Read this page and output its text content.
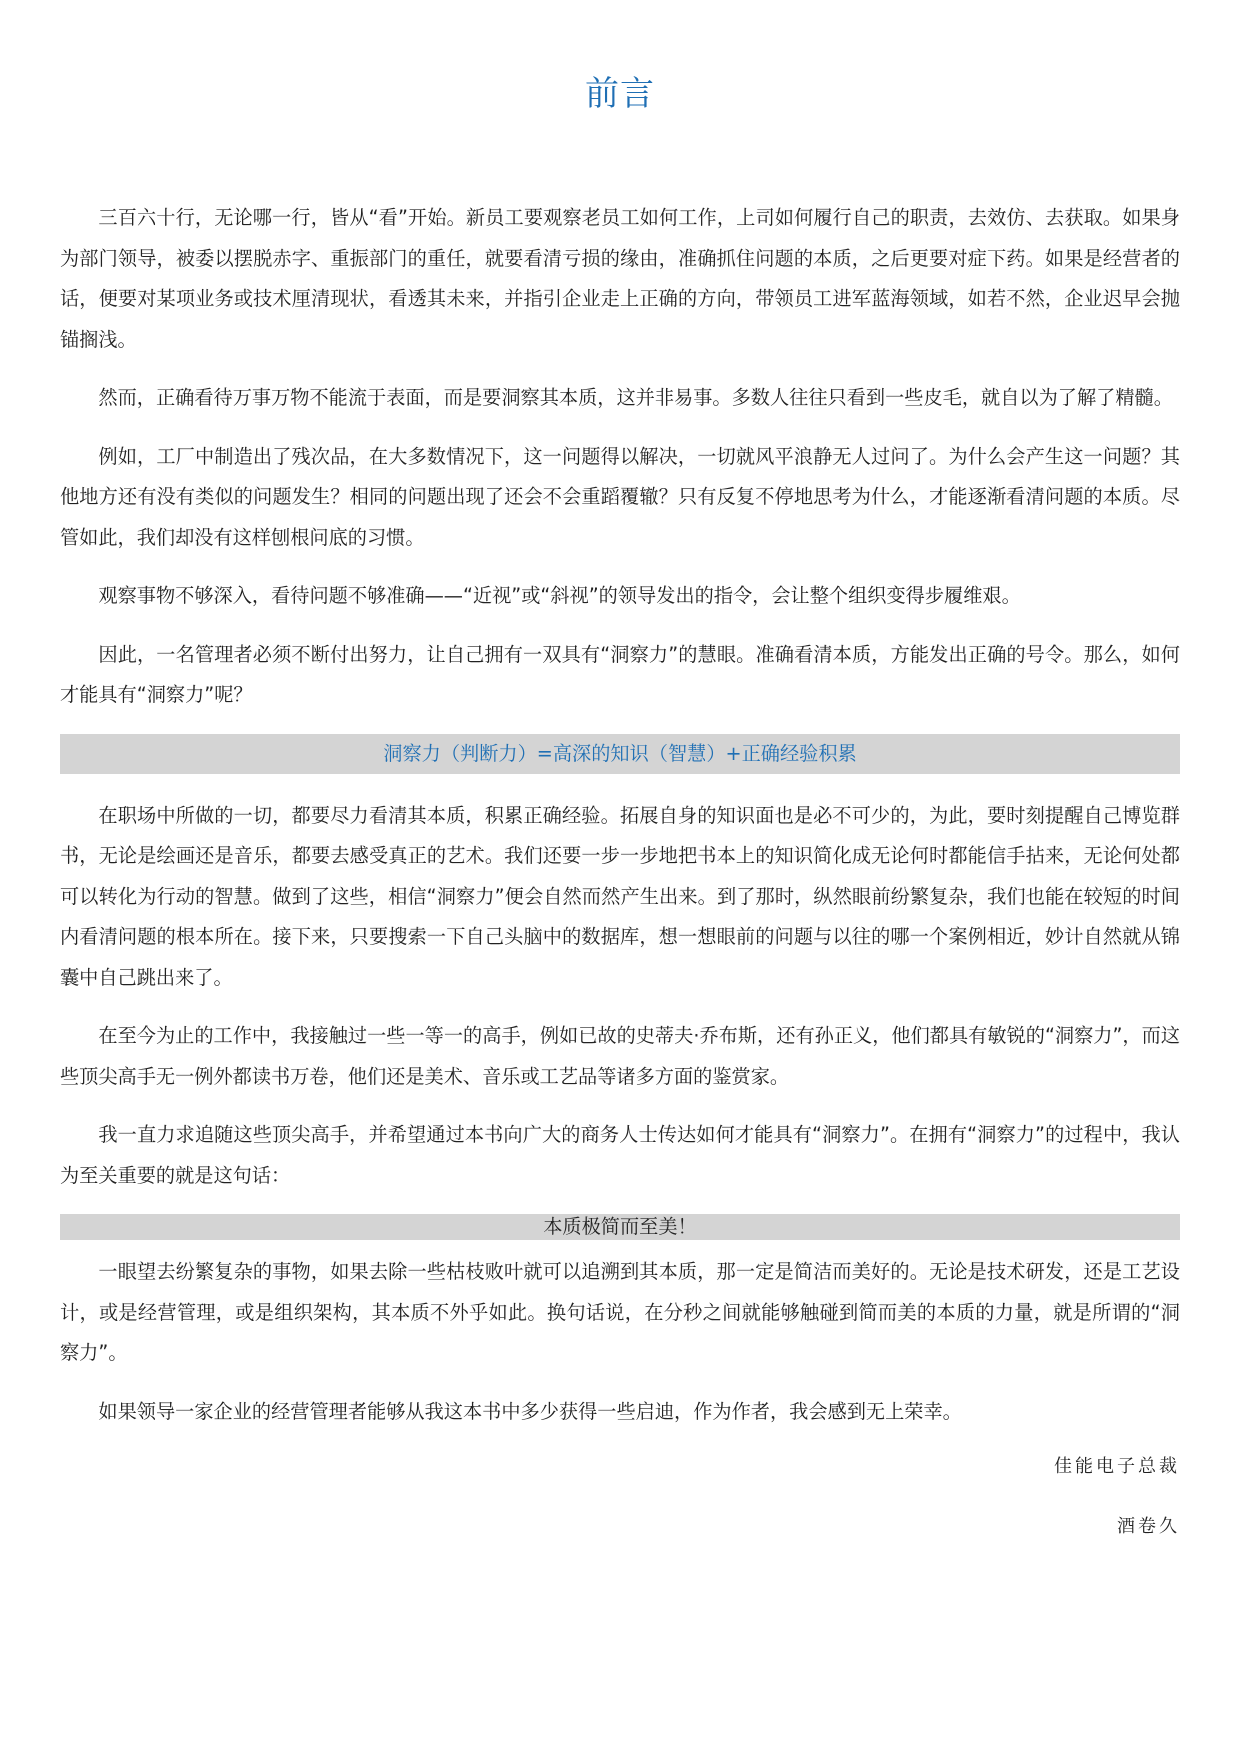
前言

三百六十行，无论哪一行，皆从“看”开始。新员工要观察老员工如何工作，上司如何履行自己的职责，去效仿、去获取。如果身为部门领导，被委以摆脱赤字、重振部门的重任，就要看清亏损的缘由，准确抓住问题的本质，之后更要对症下药。如果是经营者的话，便要对某项业务或技术厘清现状，看透其未来，并指引企业走上正确的方向，带领员工进军蓝海领域，如若不然，企业迟早会抛锚搁浅。

然而，正确看待万事万物不能流于表面，而是要洞察其本质，这并非易事。多数人往往只看到一些皮毛，就自以为了解了精髓。

例如，工厂中制造出了残次品，在大多数情况下，这一问题得以解决，一切就风平浪静无人过问了。为什么会产生这一问题？其他地方还有没有类似的问题发生？相同的问题出现了还会不会重蹈覆辙？只有反复不停地思考为什么，才能逐渐看清问题的本质。尽管如此，我们却没有这样刨根问底的习惯。

观察事物不够深入，看待问题不够准确——“近视”或“斜视”的领导发出的指令，会让整个组织变得步履维艰。

因此，一名管理者必须不断付出努力，让自己拥有一双具有“洞察力”的慧眼。准确看清本质，方能发出正确的号令。那么，如何才能具有“洞察力”呢？

洞察力（判断力）=高深的知识（智慧）+正确经验积累

在职场中所做的一切，都要尽力看清其本质，积累正确经验。拓展自身的知识面也是必不可少的，为此，要时刻提醒自己博览群书，无论是绘画还是音乐，都要去感受真正的艺术。我们还要一步一步地把书本上的知识简化成无论何时都能信手拈来，无论何处都可以转化为行动的智慧。做到了这些，相信“洞察力”便会自然而然产生出来。到了那时，纵然眼前纷繁复杂，我们也能在较短的时间内看清问题的根本所在。接下来，只要搜索一下自己头脑中的数据库，想一想眼前的问题与以往的哪一个案例相近，妙计自然就从锦囊中自己跳出来了。

在至今为止的工作中，我接触过一些一等一的高手，例如已故的史蒂夫·乔布斯，还有孙正义，他们都具有敏锐的“洞察力”，而这些顶尖高手无一例外都读书万卷，他们还是美术、音乐或工艺品等诸多方面的鉴赏家。

我一直力求追随这些顶尖高手，并希望通过本书向广大的商务人士传达如何才能具有“洞察力”。在拥有“洞察力”的过程中，我认为至关重要的就是这句话：

本质极简而至美！

一眼望去纷繁复杂的事物，如果去除一些枯枝败叶就可以追溯到其本质，那一定是简洁而美好的。无论是技术研发，还是工艺设计，或是经营管理，或是组织架构，其本质不外乎如此。换句话说，在分秒之间就能够触碰到简而美的本质的力量，就是所谓的“洞察力”。

如果领导一家企业的经营管理者能够从我这本书中多少获得一些启迪，作为作者，我会感到无上荣幸。

佳能电子总裁

酒卷久
